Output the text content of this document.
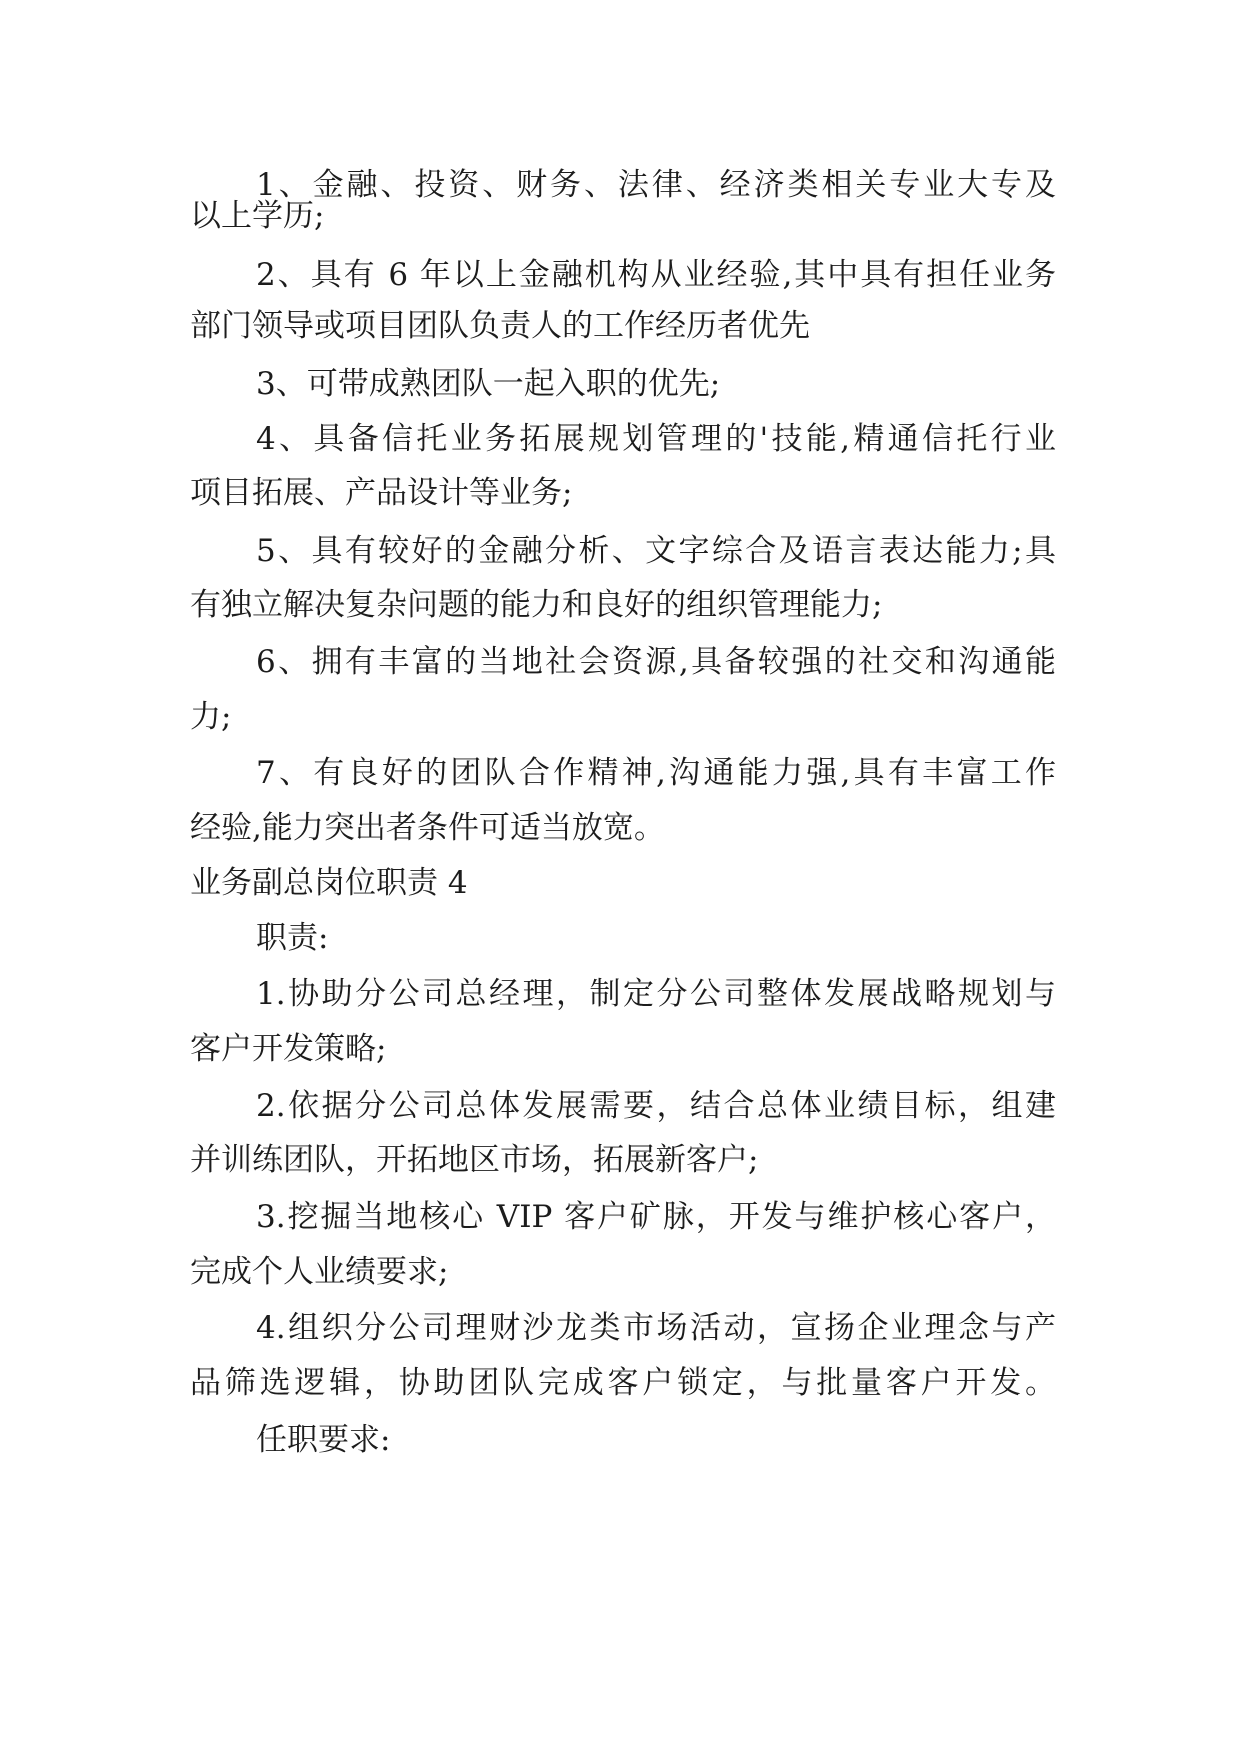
1、金融、投资、财务、法律、经济类相关专业大专及
以上学历;
2、具有 6 年以上金融机构从业经验,其中具有担任业务
部门领导或项目团队负责人的工作经历者优先
3、可带成熟团队一起入职的优先;
4、具备信托业务拓展规划管理的'技能,精通信托行业
项目拓展、产品设计等业务;
5、具有较好的金融分析、文字综合及语言表达能力;具
有独立解决复杂问题的能力和良好的组织管理能力;
6、拥有丰富的当地社会资源,具备较强的社交和沟通能
力;
7、有良好的团队合作精神,沟通能力强,具有丰富工作
经验,能力突出者条件可适当放宽。
业务副总岗位职责 4
职责:
1.协助分公司总经理，制定分公司整体发展战略规划与
客户开发策略;
2.依据分公司总体发展需要，结合总体业绩目标，组建
并训练团队，开拓地区市场，拓展新客户;
3.挖掘当地核心 VIP 客户矿脉，开发与维护核心客户，
完成个人业绩要求;
4.组织分公司理财沙龙类市场活动，宣扬企业理念与产
品筛选逻辑，协助团队完成客户锁定，与批量客户开发。
任职要求:
